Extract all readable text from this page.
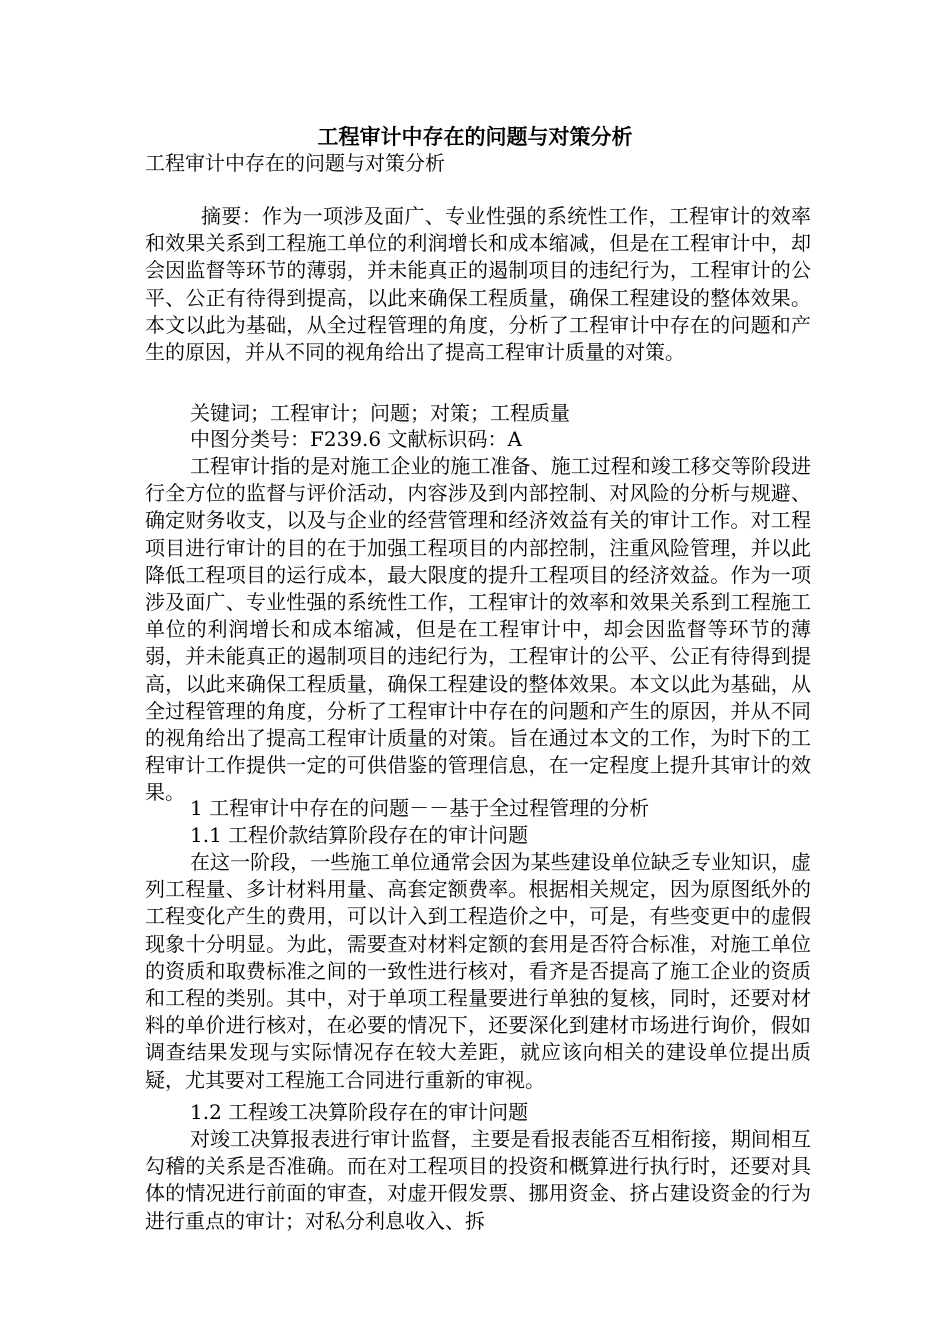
工程审计中存在的问题与对策分析

工程审计中存在的问题与对策分析

摘要：作为一项涉及面广、专业性强的系统性工作，工程审计的效率和效果关系到工程施工单位的利润增长和成本缩减，但是在工程审计中，却会因监督等环节的薄弱，并未能真正的遏制项目的违纪行为，工程审计的公平、公正有待得到提高，以此来确保工程质量，确保工程建设的整体效果。本文以此为基础，从全过程管理的角度，分析了工程审计中存在的问题和产生的原因，并从不同的视角给出了提高工程审计质量的对策。

关键词；工程审计；问题；对策；工程质量

中图分类号：F239.6 文献标识码：A

工程审计指的是对施工企业的施工准备、施工过程和竣工移交等阶段进行全方位的监督与评价活动，内容涉及到内部控制、对风险的分析与规避、确定财务收支，以及与企业的经营管理和经济效益有关的审计工作。对工程项目进行审计的目的在于加强工程项目的内部控制，注重风险管理，并以此降低工程项目的运行成本，最大限度的提升工程项目的经济效益。作为一项涉及面广、专业性强的系统性工作，工程审计的效率和效果关系到工程施工单位的利润增长和成本缩减，但是在工程审计中，却会因监督等环节的薄弱，并未能真正的遏制项目的违纪行为，工程审计的公平、公正有待得到提高，以此来确保工程质量，确保工程建设的整体效果。本文以此为基础，从全过程管理的角度，分析了工程审计中存在的问题和产生的原因，并从不同的视角给出了提高工程审计质量的对策。旨在通过本文的工作，为时下的工程审计工作提供一定的可供借鉴的管理信息，在一定程度上提升其审计的效果。

1 工程审计中存在的问题－－基于全过程管理的分析

1.1 工程价款结算阶段存在的审计问题

在这一阶段，一些施工单位通常会因为某些建设单位缺乏专业知识，虚列工程量、多计材料用量、高套定额费率。根据相关规定，因为原图纸外的工程变化产生的费用，可以计入到工程造价之中，可是，有些变更中的虚假现象十分明显。为此，需要查对材料定额的套用是否符合标准，对施工单位的资质和取费标准之间的一致性进行核对，看齐是否提高了施工企业的资质和工程的类别。其中，对于单项工程量要进行单独的复核，同时，还要对材料的单价进行核对，在必要的情况下，还要深化到建材市场进行询价，假如调查结果发现与实际情况存在较大差距，就应该向相关的建设单位提出质疑，尤其要对工程施工合同进行重新的审视。

1.2 工程竣工决算阶段存在的审计问题

对竣工决算报表进行审计监督，主要是看报表能否互相衔接，期间相互勾稽的关系是否准确。而在对工程项目的投资和概算进行执行时，还要对具体的情况进行前面的审查，对虚开假发票、挪用资金、挤占建设资金的行为进行重点的审计；对私分利息收入、拆
